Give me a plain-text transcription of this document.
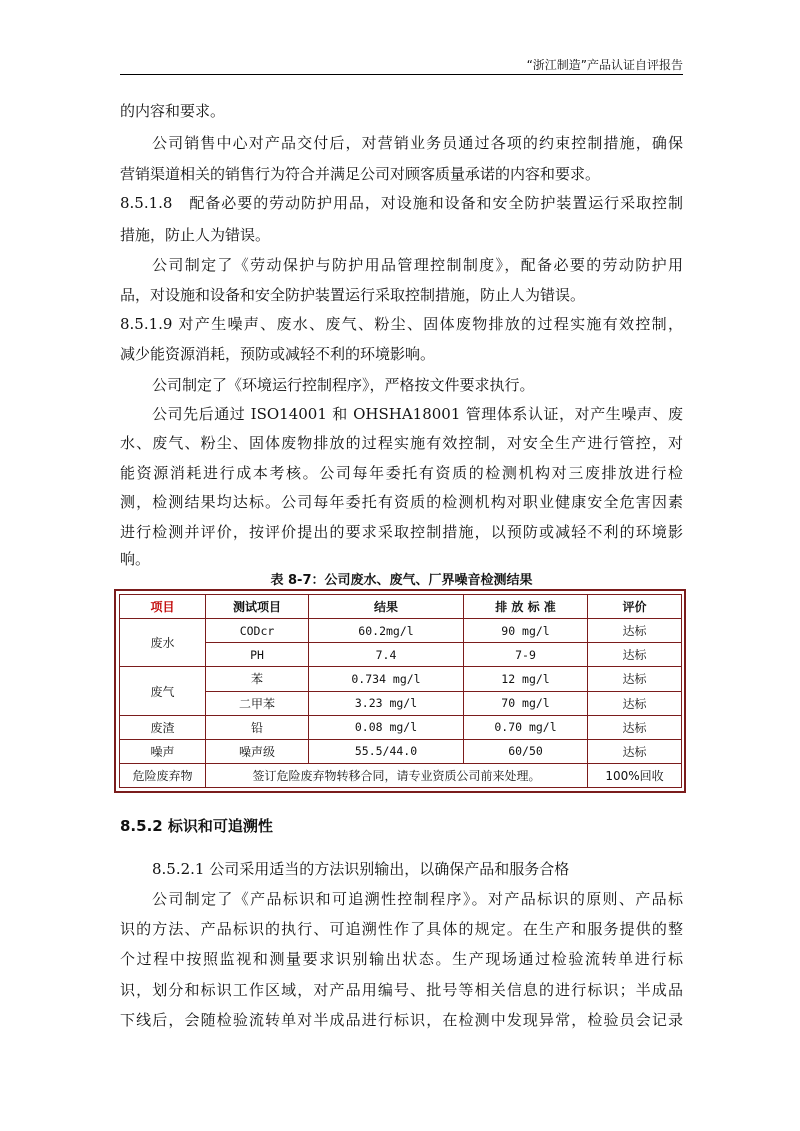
“浙江制造”产品认证自评报告
的内容和要求。
公司销售中心对产品交付后，对营销业务员通过各项的约束控制措施，确保
营销渠道相关的销售行为符合并满足公司对顾客质量承诺的内容和要求。
8.5.1.8　配备必要的劳动防护用品，对设施和设备和安全防护装置运行采取控制
措施，防止人为错误。
公司制定了《劳动保护与防护用品管理控制制度》，配备必要的劳动防护用
品，对设施和设备和安全防护装置运行采取控制措施，防止人为错误。
8.5.1.9 对产生噪声、废水、废气、粉尘、固体废物排放的过程实施有效控制，
减少能资源消耗，预防或减轻不利的环境影响。
公司制定了《环境运行控制程序》，严格按文件要求执行。
公司先后通过 ISO14001 和 OHSHA18001 管理体系认证，对产生噪声、废
水、废气、粉尘、固体废物排放的过程实施有效控制，对安全生产进行管控，对
能资源消耗进行成本考核。公司每年委托有资质的检测机构对三废排放进行检
测，检测结果均达标。公司每年委托有资质的检测机构对职业健康安全危害因素
进行检测并评价，按评价提出的要求采取控制措施，以预防或减轻不利的环境影
响。
表 8-7：公司废水、废气、厂界噪音检测结果
项目	测试项目	结果	排 放 标 准	评价
废水	CODcr	60.2mg/l	90 mg/l	达标
	PH	7.4	7-9	达标
废气	苯	0.734 mg/l	12 mg/l	达标
	二甲苯	3.23 mg/l	70 mg/l	达标
废渣	铅	0.08 mg/l	0.70 mg/l	达标
噪声	噪声级	55.5/44.0	60/50	达标
危险废弃物	签订危险废弃物转移合同，请专业资质公司前来处理。			100%回收
8.5.2 标识和可追溯性
8.5.2.1 公司采用适当的方法识别输出，以确保产品和服务合格
公司制定了《产品标识和可追溯性控制程序》。对产品标识的原则、产品标
识的方法、产品标识的执行、可追溯性作了具体的规定。在生产和服务提供的整
个过程中按照监视和测量要求识别输出状态。生产现场通过检验流转单进行标
识，划分和标识工作区域，对产品用编号、批号等相关信息的进行标识；半成品
下线后，会随检验流转单对半成品进行标识，在检测中发现异常，检验员会记录
